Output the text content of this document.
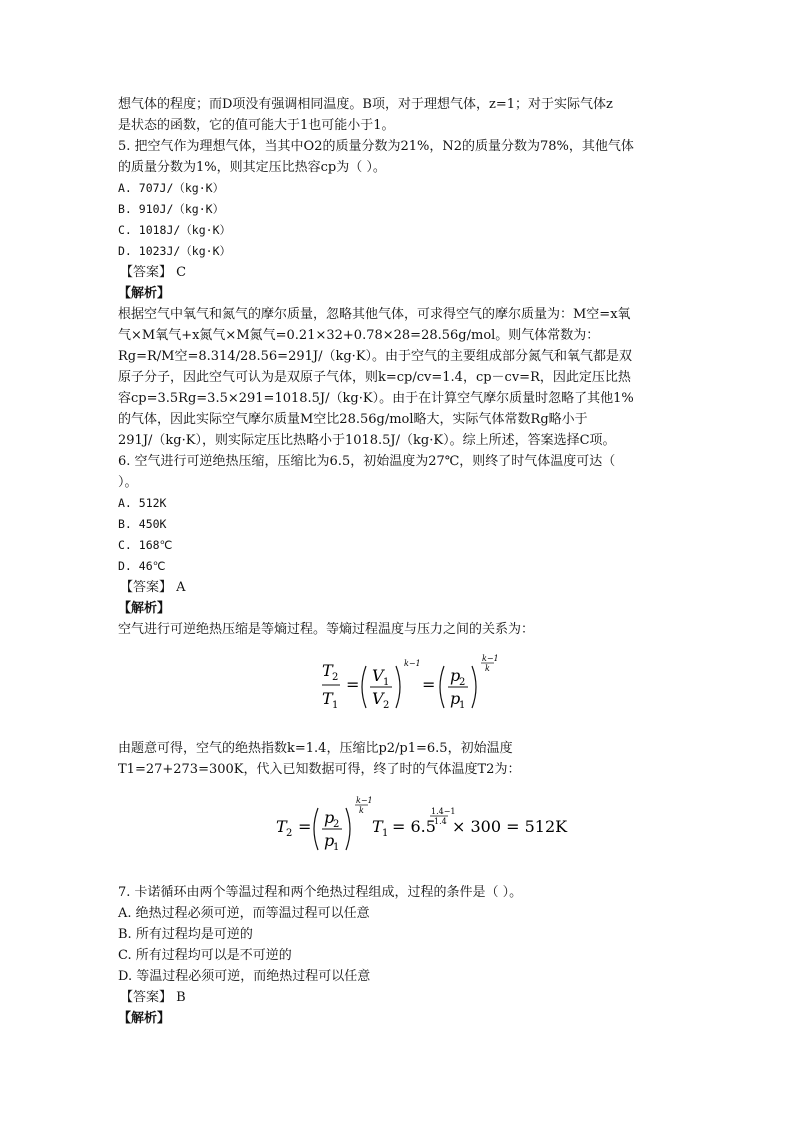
想气体的程度；而D项没有强调相同温度。B项，对于理想气体，z=1；对于实际气体z
是状态的函数，它的值可能大于1也可能小于1。
5. 把空气作为理想气体，当其中O2的质量分数为21%，N2的质量分数为78%，其他气体
的质量分数为1%，则其定压比热容cp为（ ）。
A. 707J/（kg·K）
B. 910J/（kg·K）
C. 1018J/（kg·K）
D. 1023J/（kg·K）
【答案】 C
【解析】
根据空气中氧气和氮气的摩尔质量，忽略其他气体，可求得空气的摩尔质量为：M空=x氧
气×M氧气+x氮气×M氮气=0.21×32+0.78×28=28.56g/mol。则气体常数为：
Rg=R/M空=8.314/28.56=291J/（kg·K）。由于空气的主要组成部分氮气和氧气都是双
原子分子，因此空气可认为是双原子气体，则k=cp/cv=1.4，cp－cv=R，因此定压比热
容cp=3.5Rg=3.5×291=1018.5J/（kg·K）。由于在计算空气摩尔质量时忽略了其他1%
的气体，因此实际空气摩尔质量M空比28.56g/mol略大，实际气体常数Rg略小于
291J/（kg·K），则实际定压比热略小于1018.5J/（kg·K）。综上所述，答案选择C项。
6. 空气进行可逆绝热压缩，压缩比为6.5，初始温度为27℃，则终了时气体温度可达（
）。
A. 512K
B. 450K
C. 168℃
D. 46℃
【答案】 A
【解析】
空气进行可逆绝热压缩是等熵过程。等熵过程温度与压力之间的关系为：
T 2
T 1
= V 1
V 2
k−1
= p
2
p
1
k−1
k
由题意可得，空气的绝热指数k=1.4，压缩比p2/p1=6.5，初始温度
T1=27+273=300K，代入已知数据可得，终了时的气体温度T2为：
T 2 = p
2
p
1
k−1
k
T 1 = 6.5
1.4−1
1.4 × 300 = 512K
7. 卡诺循环由两个等温过程和两个绝热过程组成，过程的条件是（ ）。
A. 绝热过程必须可逆，而等温过程可以任意
B. 所有过程均是可逆的
C. 所有过程均可以是不可逆的
D. 等温过程必须可逆，而绝热过程可以任意
【答案】 B
【解析】
